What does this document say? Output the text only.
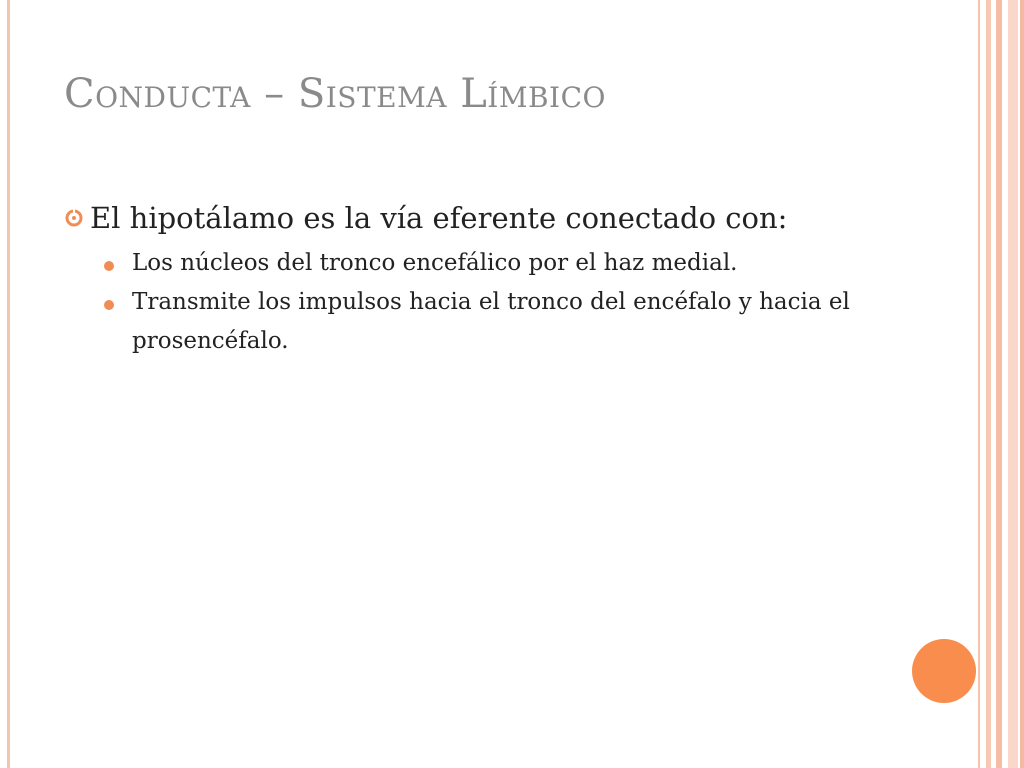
Conducta – Sistema Límbico
El hipotálamo es la vía eferente conectado con:
Los núcleos del tronco encefálico por el haz medial.
Transmite los impulsos hacia el tronco del encéfalo y hacia el prosencéfalo.
